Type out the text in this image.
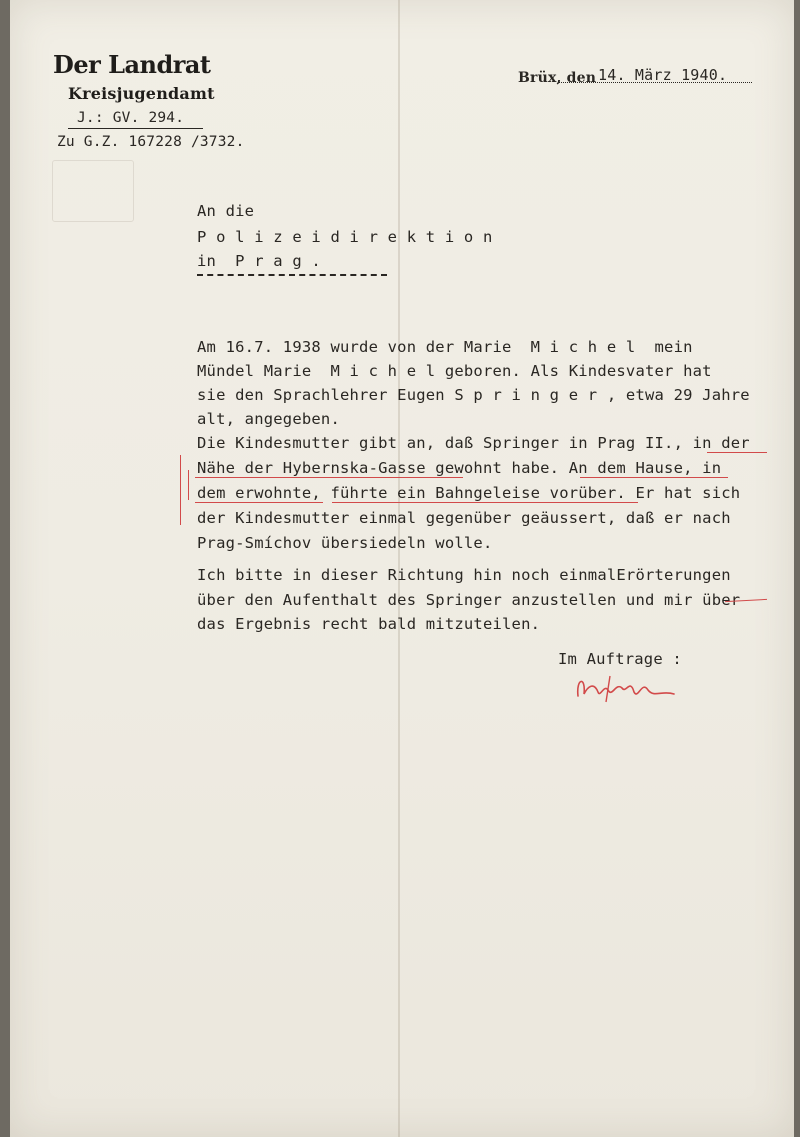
Der Landrat
Kreisjugendamt
J.: GV. 294.
Zu G.Z. 167228 /3732.
Brüx, den 14. März 1940.
An die
P o l i z e i d i r e k t i o n
in  P r a g .
Am 16.7. 1938 wurde von der Marie  M i c h e l  mein
Mündel Marie  M i c h e l geboren. Als Kindesvater hat
sie den Sprachlehrer Eugen S p r i n g e r , etwa 29 Jahre
alt, angegeben.
Die Kindesmutter gibt an, daß Springer in Prag II., in der
Nähe der Hybernska-Gasse gewohnt habe. An dem Hause, in
dem erwohnte, führte ein Bahngeleise vorüber. Er hat sich
der Kindesmutter einmal gegenüber geäussert, daß er nach
Prag-Smíchov übersiedeln wolle.
Ich bitte in dieser Richtung hin noch einmalErörterungen
über den Aufenthalt des Springer anzustellen und mir über
das Ergebnis recht bald mitzuteilen.
Im Auftrage :
